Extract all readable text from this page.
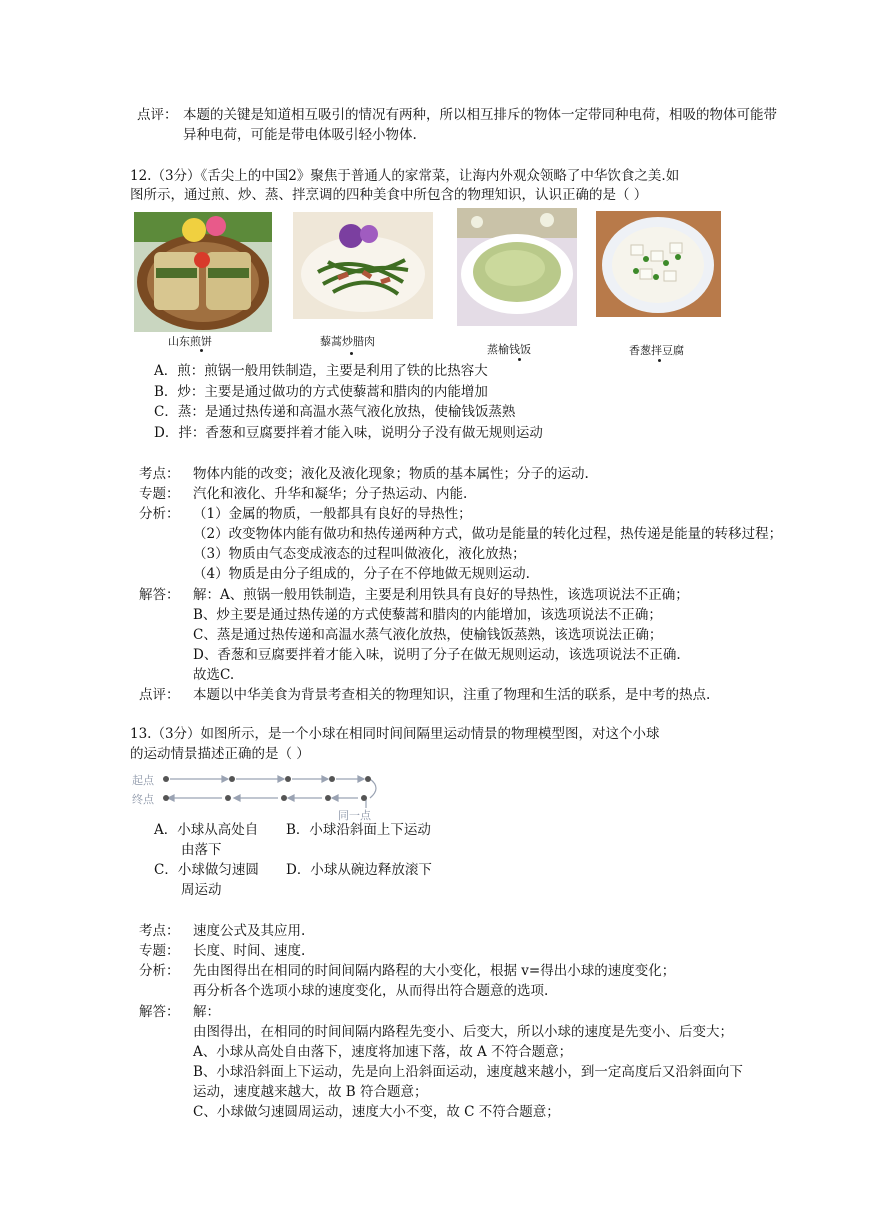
点评： 本题的关键是知道相互吸引的情况有两种，所以相互排斥的物体一定带同种电荷，相吸的物体可能带
异种电荷，可能是带电体吸引轻小物体.
12.（3分）《舌尖上的中国2》聚焦于普通人的家常菜，让海内外观众领略了中华饮食之美.如
图所示，通过煎、炒、蒸、拌烹调的四种美食中所包含的物理知识，认识正确的是（ ）
山东煎饼	藜蒿炒腊肉
蒸榆钱饭	香葱拌豆腐
A．煎：煎锅一般用铁制造，主要是利用了铁的比热容大
B．炒：主要是通过做功的方式使藜蒿和腊肉的内能增加
C．蒸：是通过热传递和高温水蒸气液化放热，使榆钱饭蒸熟
D．拌：香葱和豆腐要拌着才能入味，说明分子没有做无规则运动
考点： 物体内能的改变；液化及液化现象；物质的基本属性；分子的运动.
专题： 汽化和液化、升华和凝华；分子热运动、内能.
分析： （1）金属的物质，一般都具有良好的导热性；
（2）改变物体内能有做功和热传递两种方式，做功是能量的转化过程，热传递是能量的转移过程；
（3）物质由气态变成液态的过程叫做液化，液化放热；
（4）物质是由分子组成的，分子在不停地做无规则运动.
解答： 解：A、煎锅一般用铁制造，主要是利用铁具有良好的导热性，该选项说法不正确；
B、炒主要是通过热传递的方式使藜蒿和腊肉的内能增加，该选项说法不正确；
C、蒸是通过热传递和高温水蒸气液化放热，使榆钱饭蒸熟，该选项说法正确；
D、香葱和豆腐要拌着才能入味，说明了分子在做无规则运动，该选项说法不正确.
故选C.
点评： 本题以中华美食为背景考查相关的物理知识，注重了物理和生活的联系，是中考的热点.
13.（3分）如图所示，是一个小球在相同时间间隔里运动情景的物理模型图，对这个小球
的运动情景描述正确的是（ ）
起点
终点
同一点
A．小球从高处自
由落下
B．小球沿斜面上下运动
C．小球做匀速圆
周运动
D．小球从碗边释放滚下
考点： 速度公式及其应用.
专题： 长度、时间、速度.
分析： 先由图得出在相同的时间间隔内路程的大小变化，根据 v=得出小球的速度变化；
再分析各个选项小球的速度变化，从而得出符合题意的选项.
解答： 解：
由图得出，在相同的时间间隔内路程先变小、后变大，所以小球的速度是先变小、后变大；
A、小球从高处自由落下，速度将加速下落，故 A 不符合题意；
B、小球沿斜面上下运动，先是向上沿斜面运动，速度越来越小，到一定高度后又沿斜面向下
运动，速度越来越大，故 B 符合题意；
C、小球做匀速圆周运动，速度大小不变，故 C 不符合题意；
